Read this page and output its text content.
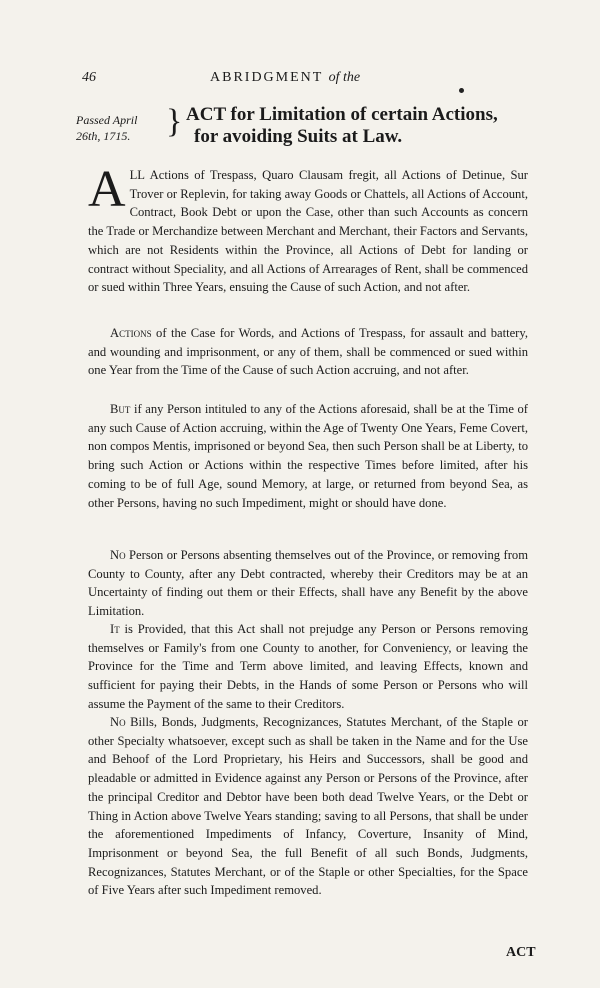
46	ABRIDGMENT of the
Passed April
26th, 1715.	} ACT for Limitation of certain Actions,
for avoiding Suits at Law.
ALL Actions of Trespass, Quaro Clausam fregit, all Actions of Detinue, Sur Trover or Replevin, for taking away Goods or Chattels, all Actions of Account, Contract, Book Debt or upon the Case, other than such Accounts as concern the Trade or Merchandize between Merchant and Merchant, their Factors and Servants, which are not Residents within the Province, all Actions of Debt for landing or contract without Speciality, and all Actions of Arrearages of Rent, shall be commenced or sued within Three Years, ensuing the Cause of such Action, and not after.
Actions of the Case for Words, and Actions of Trespass, for assault and battery, and wounding and imprisonment, or any of them, shall be commenced or sued within one Year from the Time of the Cause of such Action accruing, and not after.
But if any Person intituled to any of the Actions aforesaid, shall be at the Time of any such Cause of Action accruing, within the Age of Twenty One Years, Feme Covert, non compos Mentis, imprisoned or beyond Sea, then such Person shall be at Liberty, to bring such Action or Actions within the respective Times before limited, after his coming to be of full Age, sound Memory, at large, or returned from beyond Sea, as other Persons, having no such Impediment, might or should have done.
No Person or Persons absenting themselves out of the Province, or removing from County to County, after any Debt contracted, whereby their Creditors may be at an Uncertainty of finding out them or their Effects, shall have any Benefit by the above Limitation.
It is Provided, that this Act shall not prejudge any Person or Persons removing themselves or Family's from one County to another, for Conveniency, or leaving the Province for the Time and Term above limited, and leaving Effects, known and sufficient for paying their Debts, in the Hands of some Person or Persons who will assume the Payment of the same to their Creditors.
No Bills, Bonds, Judgments, Recognizances, Statutes Merchant, of the Staple or other Specialty whatsoever, except such as shall be taken in the Name and for the Use and Behoof of the Lord Proprietary, his Heirs and Successors, shall be good and pleadable or admitted in Evidence against any Person or Persons of the Province, after the principal Creditor and Debtor have been both dead Twelve Years, or the Debt or Thing in Action above Twelve Years standing; saving to all Persons, that shall be under the aforementioned Impediments of Infancy, Coverture, Insanity of Mind, Imprisonment or beyond Sea, the full Benefit of all such Bonds, Judgments, Recognizances, Statutes Merchant, or of the Staple or other Specialties, for the Space of Five Years after such Impediment removed.
ACT
